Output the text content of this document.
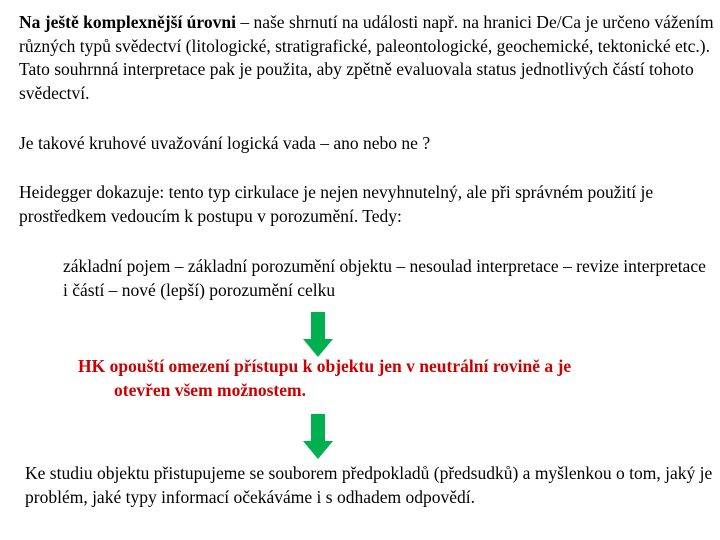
Na ještě komplexnější úrovni – naše shrnutí na události např. na hranici De/Ca je určeno vážením různých typů svědectví (litologické, stratigrafické, paleontologické, geochemické, tektonické etc.). Tato souhrnná interpretace pak je použita, aby zpětně evaluovala status jednotlivých částí tohoto svědectví.

Je takové kruhové uvažování logická vada – ano nebo ne ?

Heidegger dokazuje: tento typ cirkulace je nejen nevyhnutelný, ale při správném použití je prostředkem vedoucím k postupu v porozumění. Tedy:

základní pojem – základní porozumění objektu – nesoulad interpretace – revize interpretace i částí – nové (lepší) porozumění celku

HK opouští omezení přístupu k objektu jen v neutrální rovině a je
otevřen všem možnostem.

Ke studiu objektu přistupujeme se souborem předpokladů (předsudků) a myšlenkou o tom, jaký je problém, jaké typy informací očekáváme i s odhadem odpovědí.
